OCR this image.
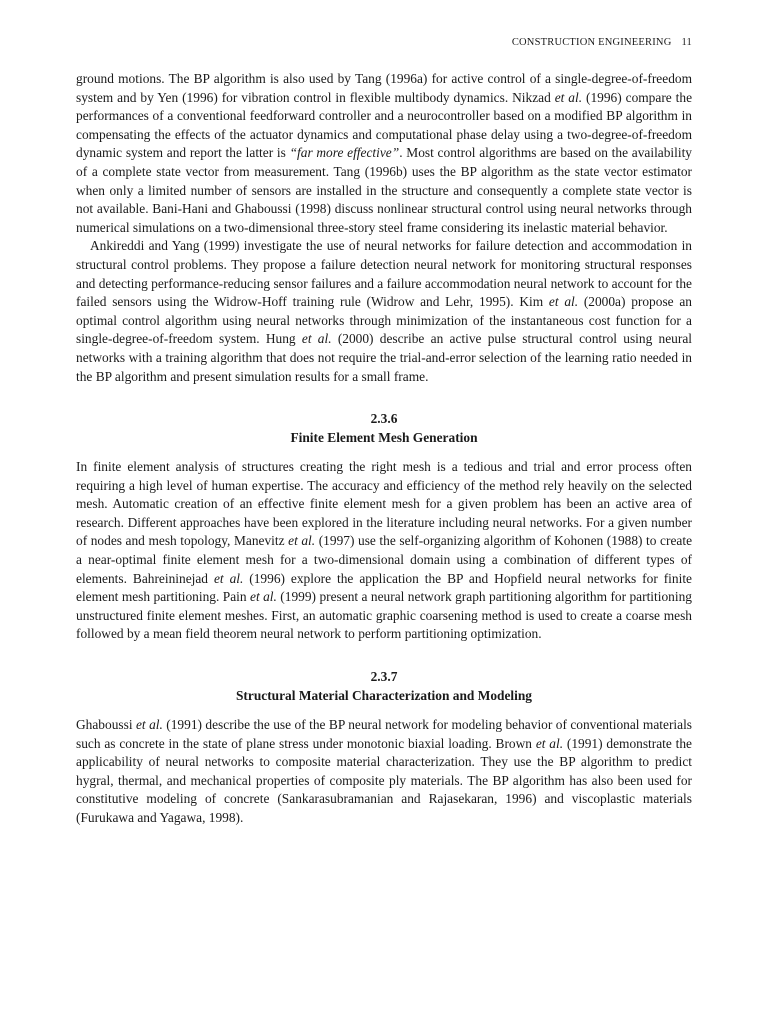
CONSTRUCTION ENGINEERING 11

ground motions. The BP algorithm is also used by Tang (1996a) for active control of a single-degree-of-freedom system and by Yen (1996) for vibration control in flexible multibody dynamics. Nikzad et al. (1996) compare the performances of a conventional feedforward controller and a neurocontroller based on a modified BP algorithm in compensating the effects of the actuator dynamics and computational phase delay using a two-degree-of-freedom dynamic system and report the latter is “far more effective”. Most control algorithms are based on the availability of a complete state vector from measurement. Tang (1996b) uses the BP algorithm as the state vector estimator when only a limited number of sensors are installed in the structure and consequently a complete state vector is not available. Bani-Hani and Ghaboussi (1998) discuss nonlinear structural control using neural networks through numerical simulations on a two-dimensional three-story steel frame considering its inelastic material behavior.

Ankireddi and Yang (1999) investigate the use of neural networks for failure detection and accommodation in structural control problems. They propose a failure detection neural network for monitoring structural responses and detecting performance-reducing sensor failures and a failure accommodation neural network to account for the failed sensors using the Widrow-Hoff training rule (Widrow and Lehr, 1995). Kim et al. (2000a) propose an optimal control algorithm using neural networks through minimization of the instantaneous cost function for a single-degree-of-freedom system. Hung et al. (2000) describe an active pulse structural control using neural networks with a training algorithm that does not require the trial-and-error selection of the learning ratio needed in the BP algorithm and present simulation results for a small frame.

2.3.6
Finite Element Mesh Generation

In finite element analysis of structures creating the right mesh is a tedious and trial and error process often requiring a high level of human expertise. The accuracy and efficiency of the method rely heavily on the selected mesh. Automatic creation of an effective finite element mesh for a given problem has been an active area of research. Different approaches have been explored in the literature including neural networks. For a given number of nodes and mesh topology, Manevitz et al. (1997) use the self-organizing algorithm of Kohonen (1988) to create a near-optimal finite element mesh for a two-dimensional domain using a combination of different types of elements. Bahreininejad et al. (1996) explore the application the BP and Hopfield neural networks for finite element mesh partitioning. Pain et al. (1999) present a neural network graph partitioning algorithm for partitioning unstructured finite element meshes. First, an automatic graphic coarsening method is used to create a coarse mesh followed by a mean field theorem neural network to perform partitioning optimization.

2.3.7
Structural Material Characterization and Modeling

Ghaboussi et al. (1991) describe the use of the BP neural network for modeling behavior of conventional materials such as concrete in the state of plane stress under monotonic biaxial loading. Brown et al. (1991) demonstrate the applicability of neural networks to composite material characterization. They use the BP algorithm to predict hygral, thermal, and mechanical properties of composite ply materials. The BP algorithm has also been used for constitutive modeling of concrete (Sankarasubramanian and Rajasekaran, 1996) and viscoplastic materials (Furukawa and Yagawa, 1998).
